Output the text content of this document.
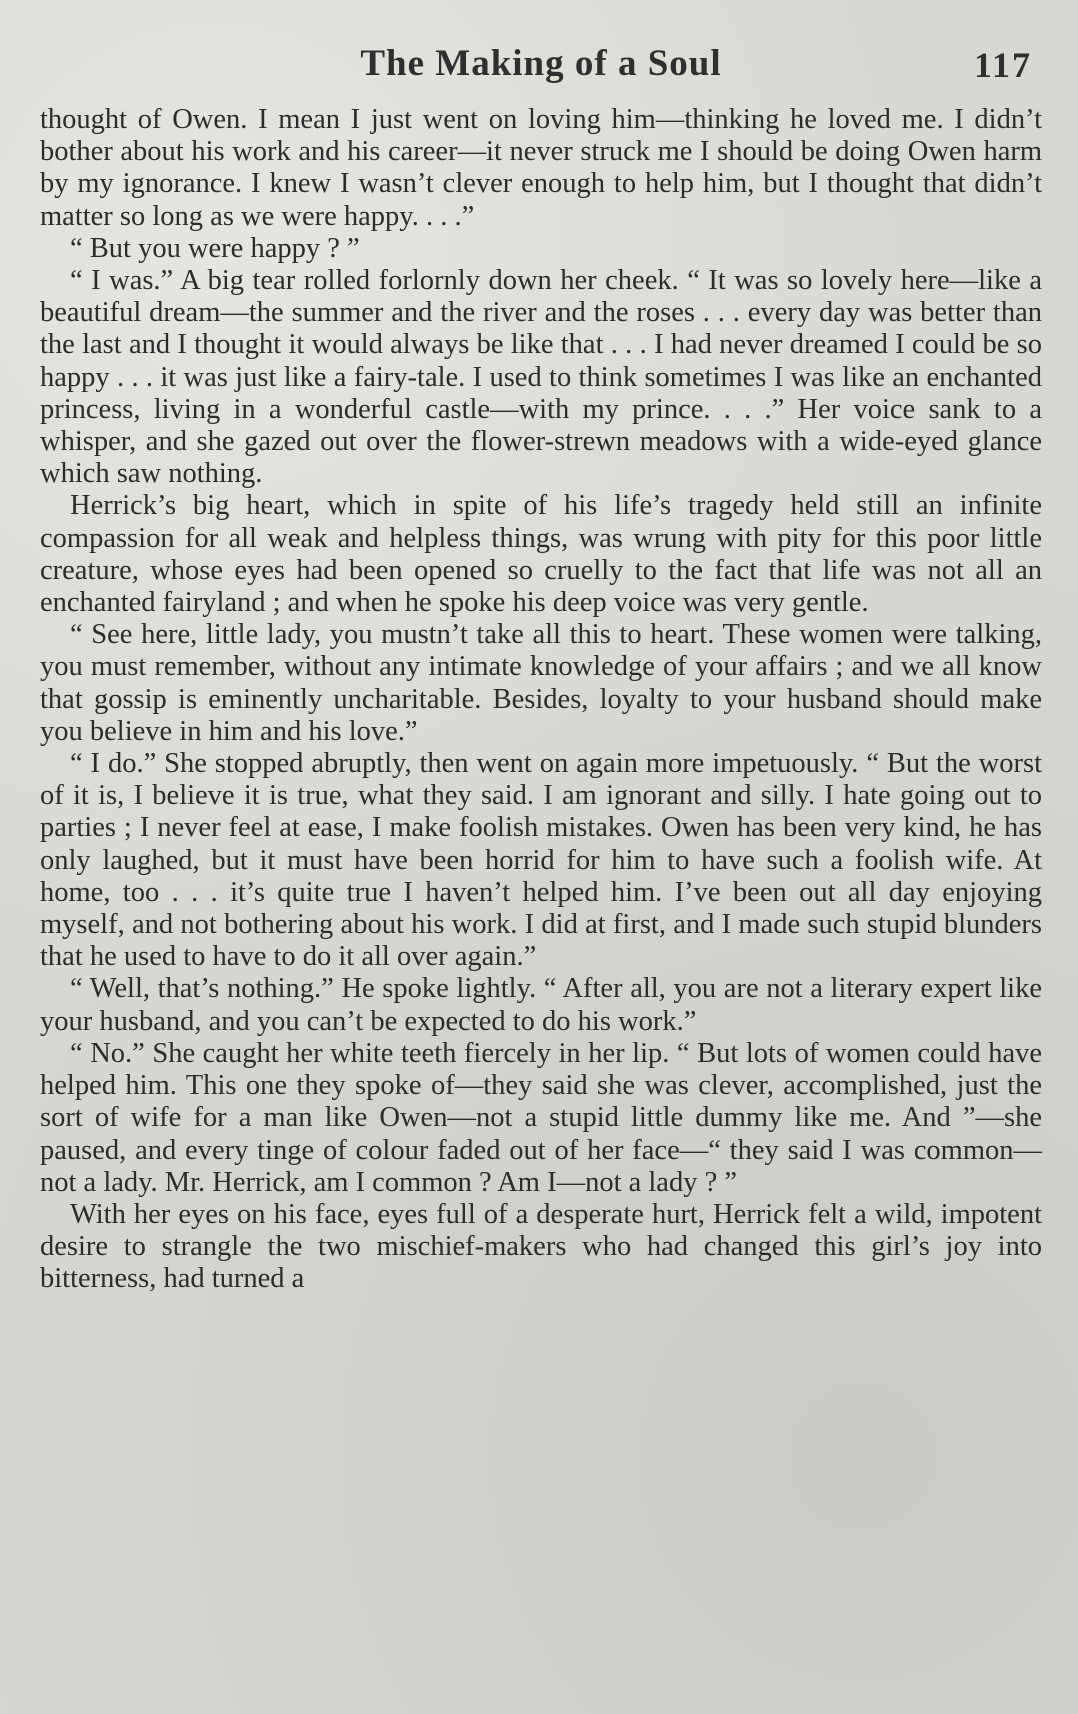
The Making of a Soul	117

thought of Owen. I mean I just went on loving him—thinking he loved me. I didn’t bother about his work and his career—it never struck me I should be doing Owen harm by my ignorance. I knew I wasn’t clever enough to help him, but I thought that didn’t matter so long as we were happy. . . .”

“ But you were happy ? ”

“ I was.” A big tear rolled forlornly down her cheek. “ It was so lovely here—like a beautiful dream—the summer and the river and the roses . . . every day was better than the last and I thought it would always be like that . . . I had never dreamed I could be so happy . . . it was just like a fairy-tale. I used to think sometimes I was like an enchanted princess, living in a wonderful castle—with my prince. . . .” Her voice sank to a whisper, and she gazed out over the flower-strewn meadows with a wide-eyed glance which saw nothing.

Herrick’s big heart, which in spite of his life’s tragedy held still an infinite compassion for all weak and helpless things, was wrung with pity for this poor little creature, whose eyes had been opened so cruelly to the fact that life was not all an enchanted fairyland ; and when he spoke his deep voice was very gentle.

“ See here, little lady, you mustn’t take all this to heart. These women were talking, you must remember, without any intimate knowledge of your affairs ; and we all know that gossip is eminently uncharitable. Besides, loyalty to your husband should make you believe in him and his love.”

“ I do.” She stopped abruptly, then went on again more impetuously. “ But the worst of it is, I believe it is true, what they said. I am ignorant and silly. I hate going out to parties ; I never feel at ease, I make foolish mistakes. Owen has been very kind, he has only laughed, but it must have been horrid for him to have such a foolish wife. At home, too . . . it’s quite true I haven’t helped him. I’ve been out all day enjoying myself, and not bothering about his work. I did at first, and I made such stupid blunders that he used to have to do it all over again.”

“ Well, that’s nothing.” He spoke lightly. “ After all, you are not a literary expert like your husband, and you can’t be expected to do his work.”

“ No.” She caught her white teeth fiercely in her lip. “ But lots of women could have helped him. This one they spoke of—they said she was clever, accomplished, just the sort of wife for a man like Owen—not a stupid little dummy like me. And ”—she paused, and every tinge of colour faded out of her face—“ they said I was common—not a lady. Mr. Herrick, am I common ? Am I—not a lady ? ”

With her eyes on his face, eyes full of a desperate hurt, Herrick felt a wild, impotent desire to strangle the two mischief-makers who had changed this girl’s joy into bitterness, had turned a
